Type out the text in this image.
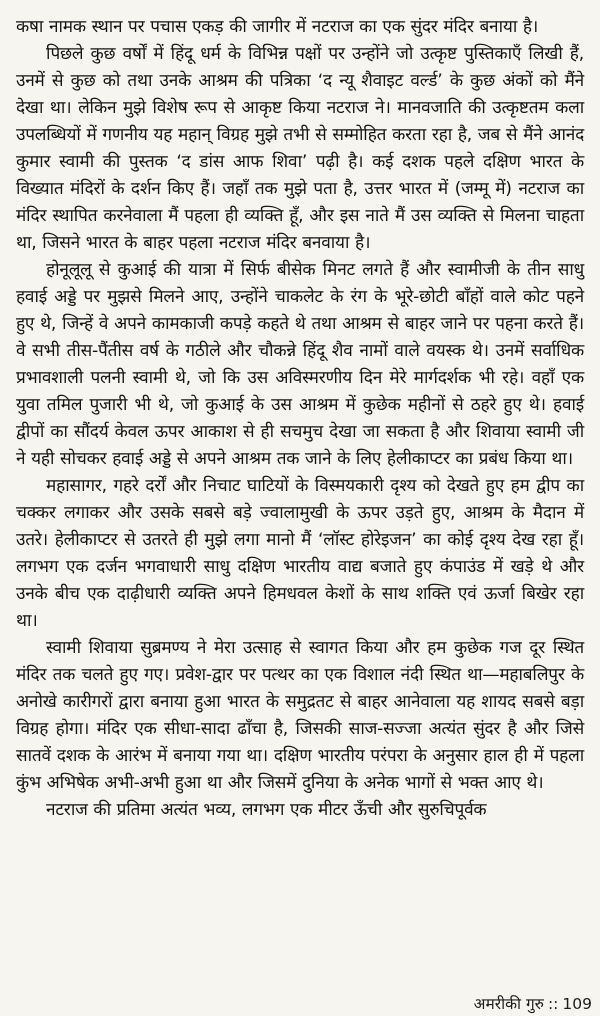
कषा नामक स्थान पर पचास एकड़ की जागीर में नटराज का एक सुंदर मंदिर बनाया है।

पिछले कुछ वर्षों में हिंदू धर्म के विभिन्न पक्षों पर उन्होंने जो उत्कृष्ट पुस्तिकाएँ लिखी हैं, उनमें से कुछ को तथा उनके आश्रम की पत्रिका ‘द न्यू शैवाइट वर्ल्ड’ के कुछ अंकों को मैंने देखा था। लेकिन मुझे विशेष रूप से आकृष्ट किया नटराज ने। मानवजाति की उत्कृष्टतम कला उपलब्धियों में गणनीय यह महान् विग्रह मुझे तभी से सम्मोहित करता रहा है, जब से मैंने आनंद कुमार स्वामी की पुस्तक ‘द डांस आफ शिवा’ पढ़ी है। कई दशक पहले दक्षिण भारत के विख्यात मंदिरों के दर्शन किए हैं। जहाँ तक मुझे पता है, उत्तर भारत में (जम्मू में) नटराज का मंदिर स्थापित करनेवाला मैं पहला ही व्यक्ति हूँ, और इस नाते मैं उस व्यक्ति से मिलना चाहता था, जिसने भारत के बाहर पहला नटराज मंदिर बनवाया है।

होनूलूलू से कुआई की यात्रा में सिर्फ बीसेक मिनट लगते हैं और स्वामीजी के तीन साधु हवाई अड्डे पर मुझसे मिलने आए, उन्होंने चाकलेट के रंग के भूरे-छोटी बाँहों वाले कोट पहने हुए थे, जिन्हें वे अपने कामकाजी कपड़े कहते थे तथा आश्रम से बाहर जाने पर पहना करते हैं। वे सभी तीस-पैंतीस वर्ष के गठीले और चौकन्ने हिंदू शैव नामों वाले वयस्क थे। उनमें सर्वाधिक प्रभावशाली पलनी स्वामी थे, जो कि उस अविस्मरणीय दिन मेरे मार्गदर्शक भी रहे। वहाँ एक युवा तमिल पुजारी भी थे, जो कुआई के उस आश्रम में कुछेक महीनों से ठहरे हुए थे। हवाई द्वीपों का सौंदर्य केवल ऊपर आकाश से ही सचमुच देखा जा सकता है और शिवाया स्वामी जी ने यही सोचकर हवाई अड्डे से अपने आश्रम तक जाने के लिए हेलीकाप्टर का प्रबंध किया था।

महासागर, गहरे दर्रों और निचाट घाटियों के विस्मयकारी दृश्य को देखते हुए हम द्वीप का चक्कर लगाकर और उसके सबसे बड़े ज्वालामुखी के ऊपर उड़ते हुए, आश्रम के मैदान में उतरे। हेलीकाप्टर से उतरते ही मुझे लगा मानो मैं ‘लॉस्ट होरेइजन’ का कोई दृश्य देख रहा हूँ। लगभग एक दर्जन भगवाधारी साधु दक्षिण भारतीय वाद्य बजाते हुए कंपाउंड में खड़े थे और उनके बीच एक दाढ़ीधारी व्यक्ति अपने हिमधवल केशों के साथ शक्ति एवं ऊर्जा बिखेर रहा था।

स्वामी शिवाया सुब्रमण्य ने मेरा उत्साह से स्वागत किया और हम कुछेक गज दूर स्थित मंदिर तक चलते हुए गए। प्रवेश-द्वार पर पत्थर का एक विशाल नंदी स्थित था—महाबलिपुर के अनोखे कारीगरों द्वारा बनाया हुआ भारत के समुद्रतट से बाहर आनेवाला यह शायद सबसे बड़ा विग्रह होगा। मंदिर एक सीधा-सादा ढाँचा है, जिसकी साज-सज्जा अत्यंत सुंदर है और जिसे सातवें दशक के आरंभ में बनाया गया था। दक्षिण भारतीय परंपरा के अनुसार हाल ही में पहला कुंभ अभिषेक अभी-अभी हुआ था और जिसमें दुनिया के अनेक भागों से भक्त आए थे।

नटराज की प्रतिमा अत्यंत भव्य, लगभग एक मीटर ऊँची और सुरुचिपूर्वक

अमरीकी गुरु :: 109
